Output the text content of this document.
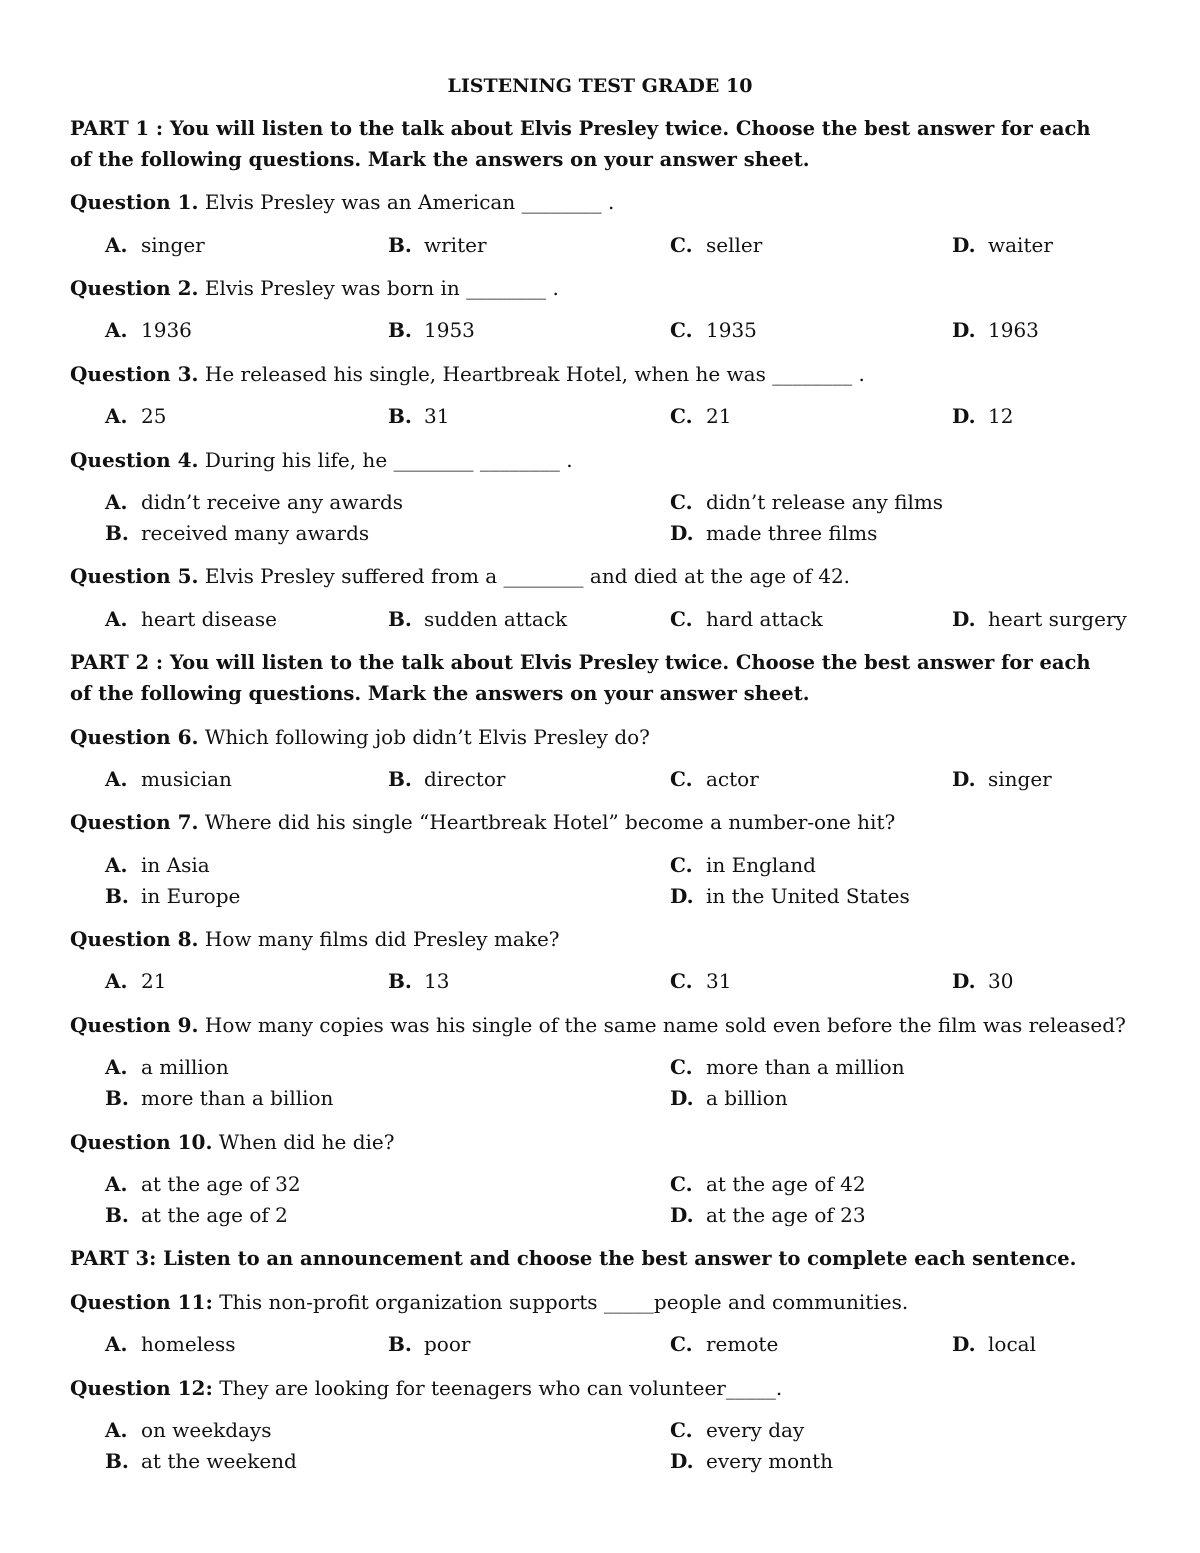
LISTENING TEST GRADE 10
PART 1 : You will listen to the talk about Elvis Presley twice. Choose the best answer for each of the following questions. Mark the answers on your answer sheet.
Question 1. Elvis Presley was an American ________ .
A. singer	B. writer	C. seller	D. waiter
Question 2. Elvis Presley was born in ________ .
A. 1936	B. 1953	C. 1935	D. 1963
Question 3. He released his single, Heartbreak Hotel, when he was ________ .
A. 25	B. 31	C. 21	D. 12
Question 4. During his life, he ________ ________ .
A. didn’t receive any awards
B. received many awards
C. didn’t release any films
D. made three films
Question 5. Elvis Presley suffered from a ________ and died at the age of 42.
A. heart disease	B. sudden attack	C. hard attack	D. heart surgery
PART 2 : You will listen to the talk about Elvis Presley twice. Choose the best answer for each of the following questions. Mark the answers on your answer sheet.
Question 6. Which following job didn’t Elvis Presley do?
A. musician	B. director	C. actor	D. singer
Question 7. Where did his single “Heartbreak Hotel” become a number-one hit?
A. in Asia
B. in Europe
C. in England
D. in the United States
Question 8. How many films did Presley make?
A. 21	B. 13	C. 31	D. 30
Question 9. How many copies was his single of the same name sold even before the film was released?
A. a million
B. more than a billion
C. more than a million
D. a billion
Question 10. When did he die?
A. at the age of 32
B. at the age of 2
C. at the age of 42
D. at the age of 23
PART 3: Listen to an announcement and choose the best answer to complete each sentence.
Question 11: This non-profit organization supports _____people and communities.
A. homeless	B. poor	C. remote	D. local
Question 12: They are looking for teenagers who can volunteer_____.
A. on weekdays
B. at the weekend
C. every day
D. every month
